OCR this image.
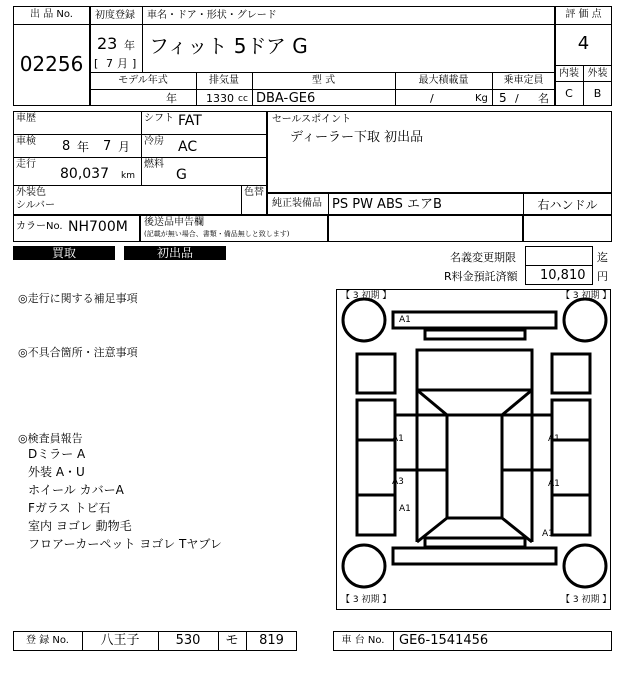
出 品 No.
02256
初度登録 車名・ドア・形状・グレード
23 年
[ 7 月 ]
フィット 5ドア G
モデル年式	排気量	型 式	最大積載量	乗車定員
年	1330 cc DBA-GE6	/	Kg 5 / 名
評 価 点
4
内装 外装
C	B
車歴	シフト FAT
車検 8 年 7 月 冷房 AC
走行
80,037 km
燃料
G
外装色
シルバー
色替
セールスポイント
ディーラー下取 初出品
純正装備品 PS PW ABS エアB	右ハンドル
カラーNo. NH700M 後送品申告欄
(記載が無い場合、書類・備品無しと致します)
買取	初出品	名義変更期限	迄
R料金預託済額 10,810 円
◎走行に関する補足事項
◎不具合箇所・注意事項
◎検査員報告
Dミラー A
外装 A・U
ホイール カバーA
Fガラス トビ石
室内 ヨゴレ 動物毛
フロアーカーペット ヨゴレ Tヤブレ
【 3 初期 】	【 3 初期 】
【 3 初期 】	【 3 初期 】
A1
A1	A1
A3	A1
A1
A1
登 録 No.	八王子	530	モ	819	車 台 No.	GE6-1541456
